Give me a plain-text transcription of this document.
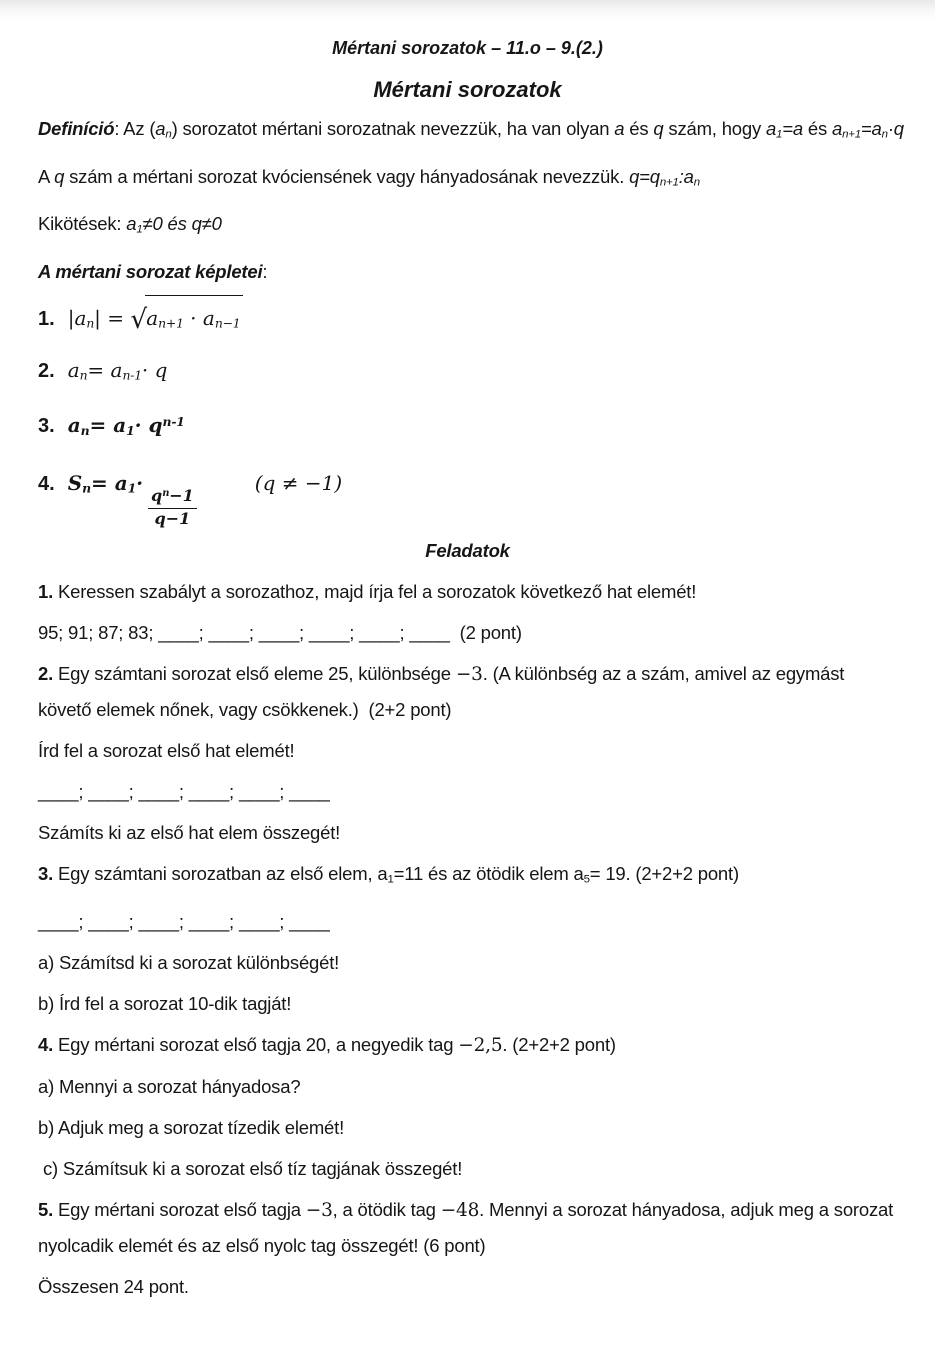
Mértani sorozatok – 11.o – 9.(2.)
Mértani sorozatok

Definíció: Az $(a_n)$ sorozatot mértani sorozatnak nevezzük, ha van olyan a és q szám, hogy $a_1=a$ és $a_{n+1}=a_n\cdot q$

A q szám a mértani sorozat kvóciensének vagy hányadosának nevezzük. $q=q_{n+1}:a_n$

Kikötések: $a_1\ne 0$ és q≠0

A mértani sorozat képletei:

1. $|a_n| = √a_{n+1} \cdot a_{n-1}$

2. $a_n= a_{n-1}\cdot q$

3. $a_n= a_1\cdot q^{n-1}$

4. $S_n= a_1\cdot$
$\frac{q^n-1}{q-1}$
(q ≠ −1)

Feladatok

1. Keressen szabályt a sorozathoz, majd írja fel a sorozatok következő hat elemét!

95; 91; 87; 83; ____; ____; ____; ____; ____; ____  (2 pont)

2. Egy számtani sorozat első eleme 25, különbsége −3. (A különbség az a szám, amivel az egymást követő elemek nőnek, vagy csökkenek.)  (2+2 pont)

Írd fel a sorozat első hat elemét!

____; ____; ____; ____; ____; ____

Számíts ki az első hat elem összegét!

3. Egy számtani sorozatban az első elem, $a_1=11$ és az ötödik elem $a_5= 19$. (2+2+2 pont)

____; ____; ____; ____; ____; ____

a) Számítsd ki a sorozat különbségét!

b) Írd fel a sorozat 10-dik tagját!

4. Egy mértani sorozat első tagja 20, a negyedik tag −2,5. (2+2+2 pont)

a) Mennyi a sorozat hányadosa?

b) Adjuk meg a sorozat tízedik elemét!

c) Számítsuk ki a sorozat első tíz tagjának összegét!

5. Egy mértani sorozat első tagja −3, a ötödik tag −48. Mennyi a sorozat hányadosa, adjuk meg a sorozat nyolcadik elemét és az első nyolc tag összegét! (6 pont)

Összesen 24 pont.
